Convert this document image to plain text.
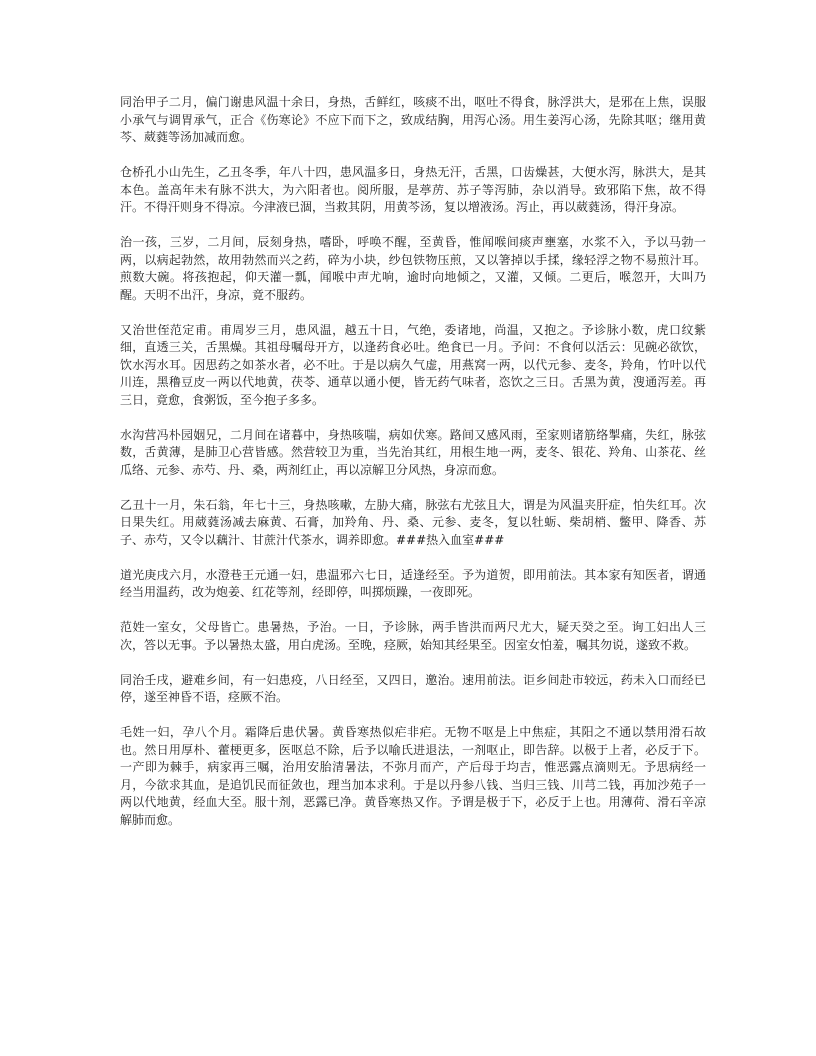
同治甲子二月，偏门谢患风温十余日，身热，舌鲜红，咳痰不出，呕吐不得食，脉浮洪大，是邪在上焦，误服小承气与调胃承气，正合《伤寒论》不应下而下之，致成结胸，用泻心汤。用生姜泻心汤，先除其呕；继用黄芩、葳蕤等汤加减而愈。

仓桥孔小山先生，乙丑冬季，年八十四，患风温多日，身热无汗，舌黑，口齿燥甚，大便水泻，脉洪大，是其本色。盖高年未有脉不洪大，为六阳者也。阅所服，是葶苈、苏子等泻肺，杂以消导。致邪陷下焦，故不得汗。不得汗则身不得凉。今津液已涸，当救其阴，用黄芩汤，复以增液汤。泻止，再以葳蕤汤，得汗身凉。

治一孩，三岁，二月间，辰刻身热，嗜卧，呼唤不醒，至黄昏，惟闻喉间痰声壅塞，水浆不入，予以马勃一两，以病起勃然，故用勃然而兴之药，碎为小块，纱包铁物压煎，又以箸掉以手揉，缘轻浮之物不易煎汁耳。煎数大碗。将孩抱起，仰天灌一瓢，闻喉中声尤响，逾时向地倾之，又灌，又倾。二更后，喉忽开，大叫乃醒。天明不出汗，身凉，竟不服药。

又治世侄范定甫。甫周岁三月，患风温，越五十日，气绝，委诸地，尚温，又抱之。予诊脉小数，虎口纹紫细，直透三关，舌黑燥。其祖母嘱母开方，以逢药食必吐。绝食已一月。予问：不食何以活云：见碗必欲饮，饮水泻水耳。因思药之如茶水者，必不吐。于是以病久气虚，用燕窝一两，以代元参、麦冬，羚角，竹叶以代川连，黑穞豆皮一两以代地黄，茯苓、通草以通小便，皆无药气味者，恣饮之三日。舌黑为黄，溲通泻差。再三日，竟愈，食粥饭，至今抱子多多。

水沟营冯朴园姻兄，二月间在诸暮中，身热咳喘，病如伏寒。路间又感风雨，至家则诸筋络掣痛，失红，脉弦数，舌黄薄，是肺卫心营皆感。然营较卫为重，当先治其红，用根生地一两，麦冬、银花、羚角、山茶花、丝瓜络、元参、赤芍、丹、桑，两剂红止，再以凉解卫分风热，身凉而愈。

乙丑十一月，朱石翁，年七十三，身热咳嗽，左胁大痛，脉弦右尤弦且大，谓是为风温夹肝症，怕失红耳。次日果失红。用葳蕤汤减去麻黄、石膏，加羚角、丹、桑、元参、麦冬，复以牡蛎、柴胡梢、鳖甲、降香、苏子、赤芍，又令以藕汁、甘蔗汁代茶水，调养即愈。###热入血室###

道光庚戌六月，水澄巷王元通一妇，患温邪六七日，适逢经至。予为道贺，即用前法。其本家有知医者，谓通经当用温药，改为炮姜、红花等剂，经即停，叫掷烦躁，一夜即死。

范姓一室女，父母皆亡。患暑热，予治。一日，予诊脉，两手皆洪而两尺尤大，疑天癸之至。询工妇出人三次，答以无事。予以暑热太盛，用白虎汤。至晚，痉厥，始知其经果至。因室女怕羞，嘱其勿说，遂致不救。

同治壬戌，避难乡间，有一妇患疫，八日经至，又四日，邀治。速用前法。讵乡间赴市较远，药未入口而经已停，遂至神昏不语，痉厥不治。

毛姓一妇，孕八个月。霜降后患伏暑。黄昏寒热似疟非疟。无物不呕是上中焦症，其阳之不通以禁用滑石故也。然日用厚朴、藿梗更多，医呕总不除，后予以喻氏进退法，一剂呕止，即告辞。以极于上者，必反于下。一产即为棘手，病家再三嘱，治用安胎清暑法，不弥月而产，产后母于均吉，惟恶露点滴则无。予思病经一月，今欲求其血，是追饥民而征敛也，理当加本求利。于是以丹参八钱、当归三钱、川芎二钱，再加沙苑子一两以代地黄，经血大至。服十剂，恶露已净。黄昏寒热又作。予谓是极于下，必反于上也。用薄荷、滑石辛凉解肺而愈。
